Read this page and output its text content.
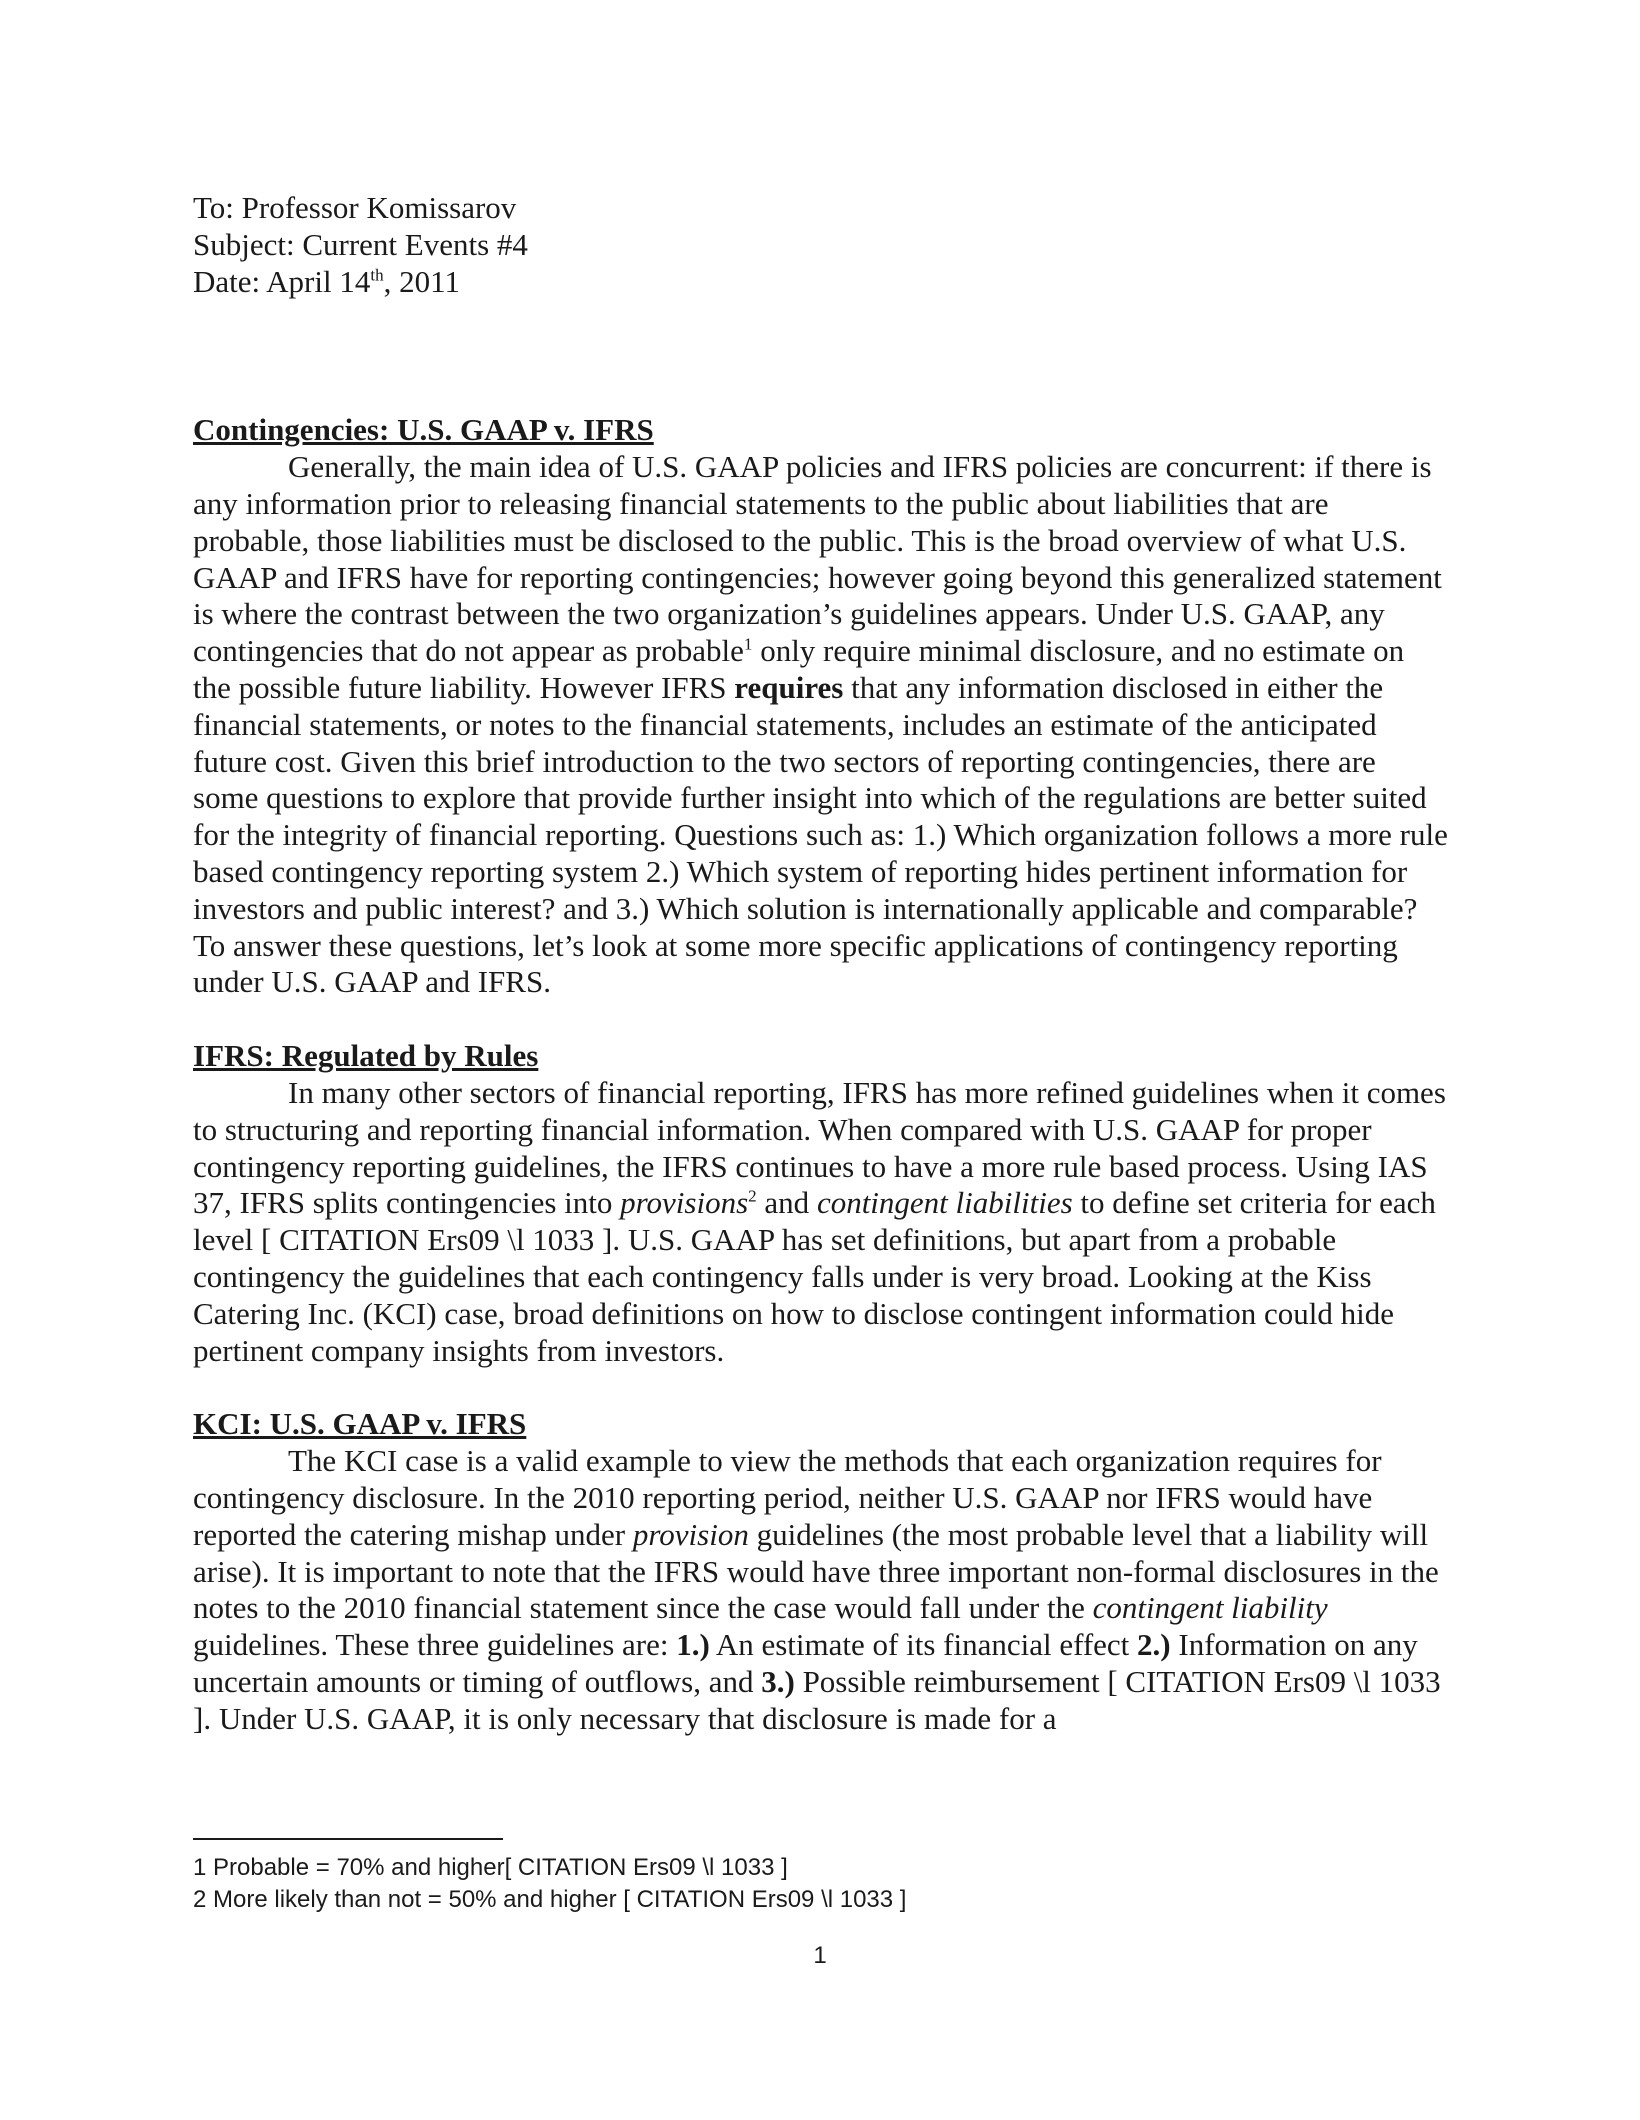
To: Professor Komissarov

Subject: Current Events #4

Date: April 14th, 2011

Contingencies: U.S. GAAP v. IFRS

Generally, the main idea of U.S. GAAP policies and IFRS policies are concurrent: if there is any information prior to releasing financial statements to the public about liabilities that are probable, those liabilities must be disclosed to the public. This is the broad overview of what U.S. GAAP and IFRS have for reporting contingencies; however going beyond this generalized statement is where the contrast between the two organization’s guidelines appears. Under U.S. GAAP, any contingencies that do not appear as probable$^1$ only require minimal disclosure, and no estimate on the possible future liability. However IFRS requires that any information disclosed in either the financial statements, or notes to the financial statements, includes an estimate of the anticipated future cost. Given this brief introduction to the two sectors of reporting contingencies, there are some questions to explore that provide further insight into which of the regulations are better suited for the integrity of financial reporting. Questions such as: 1.) Which organization follows a more rule based contingency reporting system 2.) Which system of reporting hides pertinent information for investors and public interest? and 3.) Which solution is internationally applicable and comparable? To answer these questions, let’s look at some more specific applications of contingency reporting under U.S. GAAP and IFRS.

IFRS: Regulated by Rules

In many other sectors of financial reporting, IFRS has more refined guidelines when it comes to structuring and reporting financial information. When compared with U.S. GAAP for proper contingency reporting guidelines, the IFRS continues to have a more rule based process. Using IAS 37, IFRS splits contingencies into provisions$^2$ and contingent liabilities to define set criteria for each level [ CITATION Ers09 \l 1033 ]. U.S. GAAP has set definitions, but apart from a probable contingency the guidelines that each contingency falls under is very broad. Looking at the Kiss Catering Inc. (KCI) case, broad definitions on how to disclose contingent information could hide pertinent company insights from investors.

KCI: U.S. GAAP v. IFRS

The KCI case is a valid example to view the methods that each organization requires for contingency disclosure. In the 2010 reporting period, neither U.S. GAAP nor IFRS would have reported the catering mishap under provision guidelines (the most probable level that a liability will arise). It is important to note that the IFRS would have three important non-formal disclosures in the notes to the 2010 financial statement since the case would fall under the contingent liability guidelines. These three guidelines are: 1.) An estimate of its financial effect 2.) Information on any uncertain amounts or timing of outflows, and 3.) Possible reimbursement [ CITATION Ers09 \l 1033 ]. Under U.S. GAAP, it is only necessary that disclosure is made for a

1 Probable = 70% and higher[ CITATION Ers09 \l 1033 ]

2 More likely than not = 50% and higher [ CITATION Ers09 \l 1033 ]

1
